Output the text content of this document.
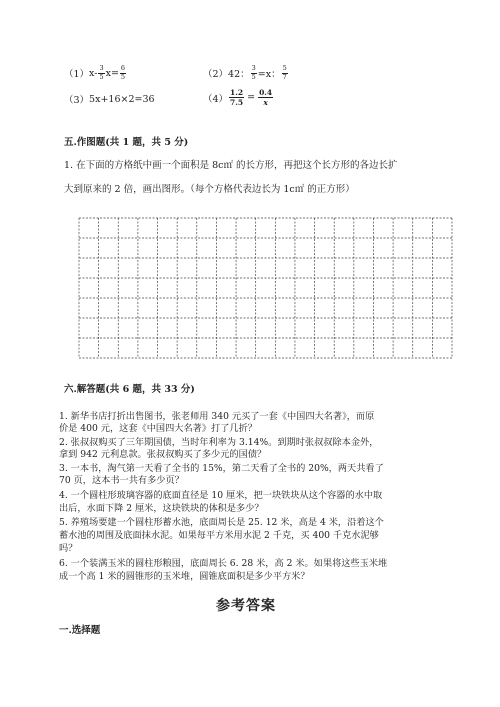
（1） $x- \frac{3}{5} x= \frac{6}{5}$	（2） 42： $\frac{3}{5} =x$： $\frac{5}{7}$
（3） 5x+16×2=36	$(4) \frac{1.2}{7.5} = \frac{0.4}{x}$
五.作图题(共 1 题，共 5 分)
1. 在下面的方格纸中画一个面积是 8c㎡ 的长方形，再把这个长方形的各边长扩
大到原来的 2 倍，画出图形。（每个方格代表边长为 1c㎡ 的正方形）
六.解答题(共 6 题，共 33 分)
1. 新华书店打折出售图书，张老师用 340 元买了一套《中国四大名著》，而原
价是 400 元，这套《中国四大名著》打了几折？
2. 张叔叔购买了三年期国债，当时年利率为 3.14%。到期时张叔叔除本金外，
拿到 942 元利息款。张叔叔购买了多少元的国债？
3. 一本书，淘气第一天看了全书的 15%，第二天看了全书的 20%，两天共看了
70 页，这本书一共有多少页？
4. 一个圆柱形玻璃容器的底面直径是 10 厘米，把一块铁块从这个容器的水中取
出后，水面下降 2 厘米，这块铁块的体积是多少？
5. 养殖场要建一个圆柱形蓄水池，底面周长是 25. 12 米，高是 4 米，沿着这个
蓄水池的周围及底面抹水泥。如果每平方米用水泥 2 千克，买 400 千克水泥够
吗？
6. 一个装满玉米的圆柱形粮囤，底面周长 6. 28 米，高 2 米。如果将这些玉米堆
成一个高 1 米的圆锥形的玉米堆，圆锥底面积是多少平方米？
参考答案
一.选择题
